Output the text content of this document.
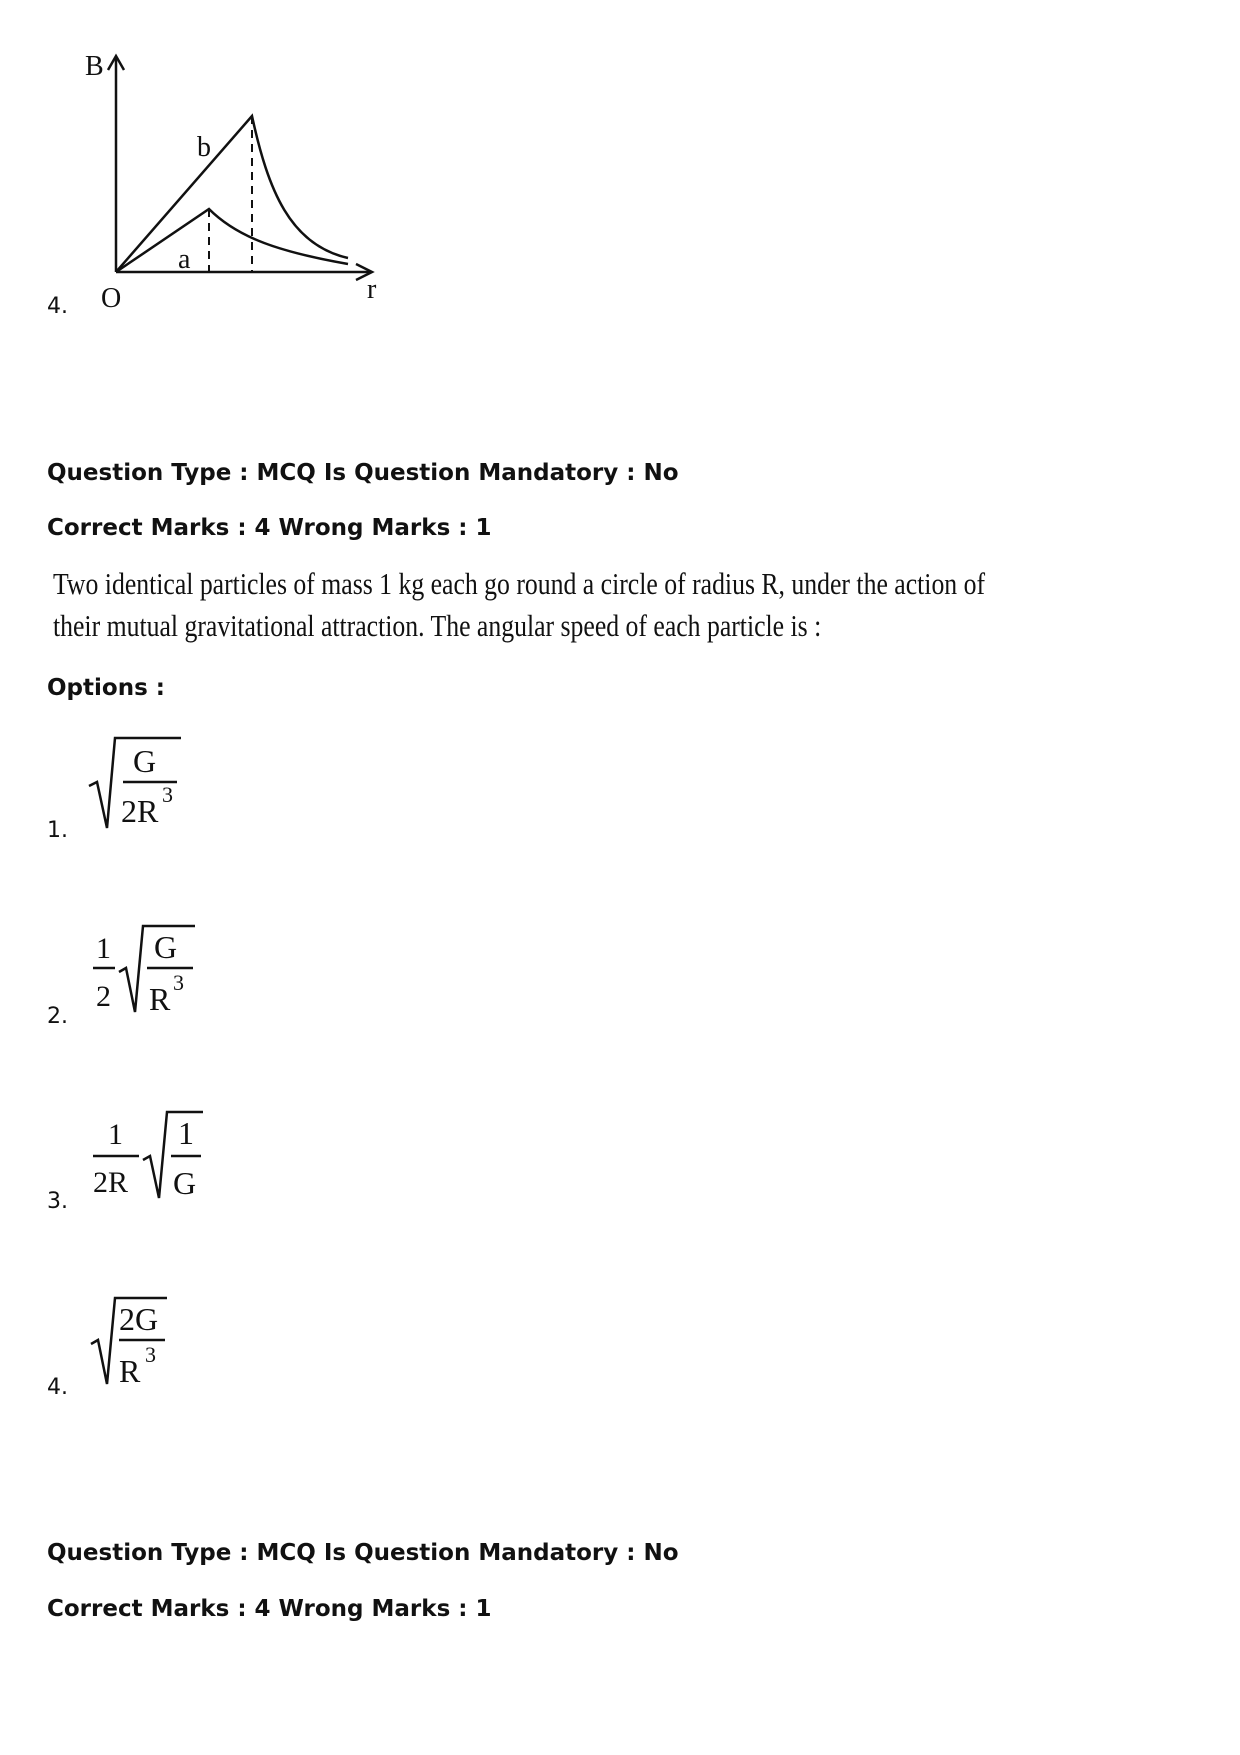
4.
B
r
O
a
b
Question Type : MCQ Is Question Mandatory : No
Correct Marks : 4 Wrong Marks : 1
Two identical particles of mass 1 kg each go round a circle of radius R, under the action of
their mutual gravitational attraction. The angular speed of each particle is :
Options :
1.
G
2R 3
2.
1
2
G
R 3
3.
1
2R
1
G
4.
2G
R 3
Question Type : MCQ Is Question Mandatory : No
Correct Marks : 4 Wrong Marks : 1
